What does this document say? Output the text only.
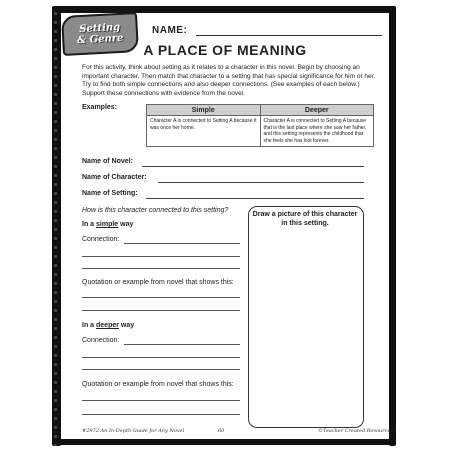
Setting
& Genre
NAME:
A PLACE OF MEANING

For this activity, think about setting as it relates to a character in this novel. Begin by choosing an important character. Then match that character to a setting that has special significance for him or her. Try to find both simple connections and also deeper connections. (See examples of each below.) Support these connections with evidence from the novel.

Examples:	Simple	Deeper
Character A is connected to Setting A because it was once her home.	Character A is connected to Setting A because that is the last place where she saw her father, and this setting represents the childhood that she feels she has lost forever.
Name of Novel:
Name of Character:
Name of Setting:

How is this character connected to this setting?

In a simple way
Connection:
Quotation or example from novel that shows this:
In a deeper way
Connection:
Quotation or example from novel that shows this:

Draw a picture of this character in this setting.

#2972 An In-Depth Guide for Any Novel	60	©Teacher Created Resources
